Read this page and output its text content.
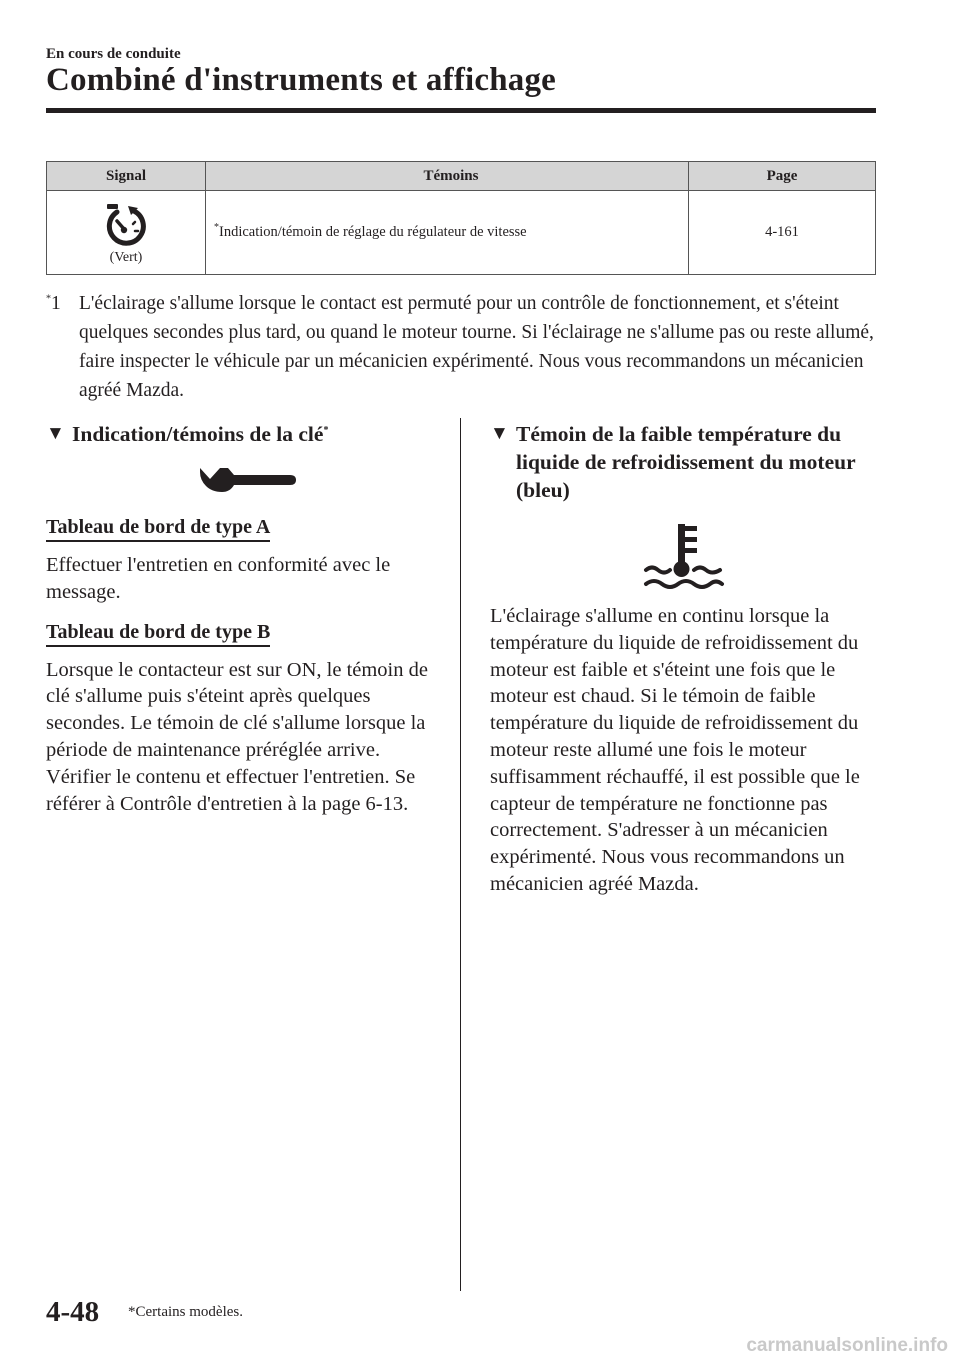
En cours de conduite
Combiné d'instruments et affichage
Signal	Témoins	Page

(Vert)	*Indication/témoin de réglage du régulateur de vitesse	4-161
*1 L'éclairage s'allume lorsque le contact est permuté pour un contrôle de fonctionnement, et s'éteint quelques secondes plus tard, ou quand le moteur tourne. Si l'éclairage ne s'allume pas ou reste allumé, faire inspecter le véhicule par un mécanicien expérimenté. Nous vous recommandons un mécanicien agréé Mazda.
▼ Indication/témoins de la clé*
Tableau de bord de type A

Effectuer l'entretien en conformité avec le message.

Tableau de bord de type B

Lorsque le contacteur est sur ON, le témoin de clé s'allume puis s'éteint après quelques secondes. Le témoin de clé s'allume lorsque la période de maintenance préréglée arrive. Vérifier le contenu et effectuer l'entretien. Se référer à Contrôle d'entretien à la page 6-13.

▼ Témoin de la faible température du liquide de refroidissement du moteur (bleu)

L'éclairage s'allume en continu lorsque la température du liquide de refroidissement du moteur est faible et s'éteint une fois que le moteur est chaud. Si le témoin de faible température du liquide de refroidissement du moteur reste allumé une fois le moteur suffisamment réchauffé, il est possible que le capteur de température ne fonctionne pas correctement. S'adresser à un mécanicien expérimenté. Nous vous recommandons un mécanicien agréé Mazda.

4-48 *Certains modèles.
carmanualsonline.info
